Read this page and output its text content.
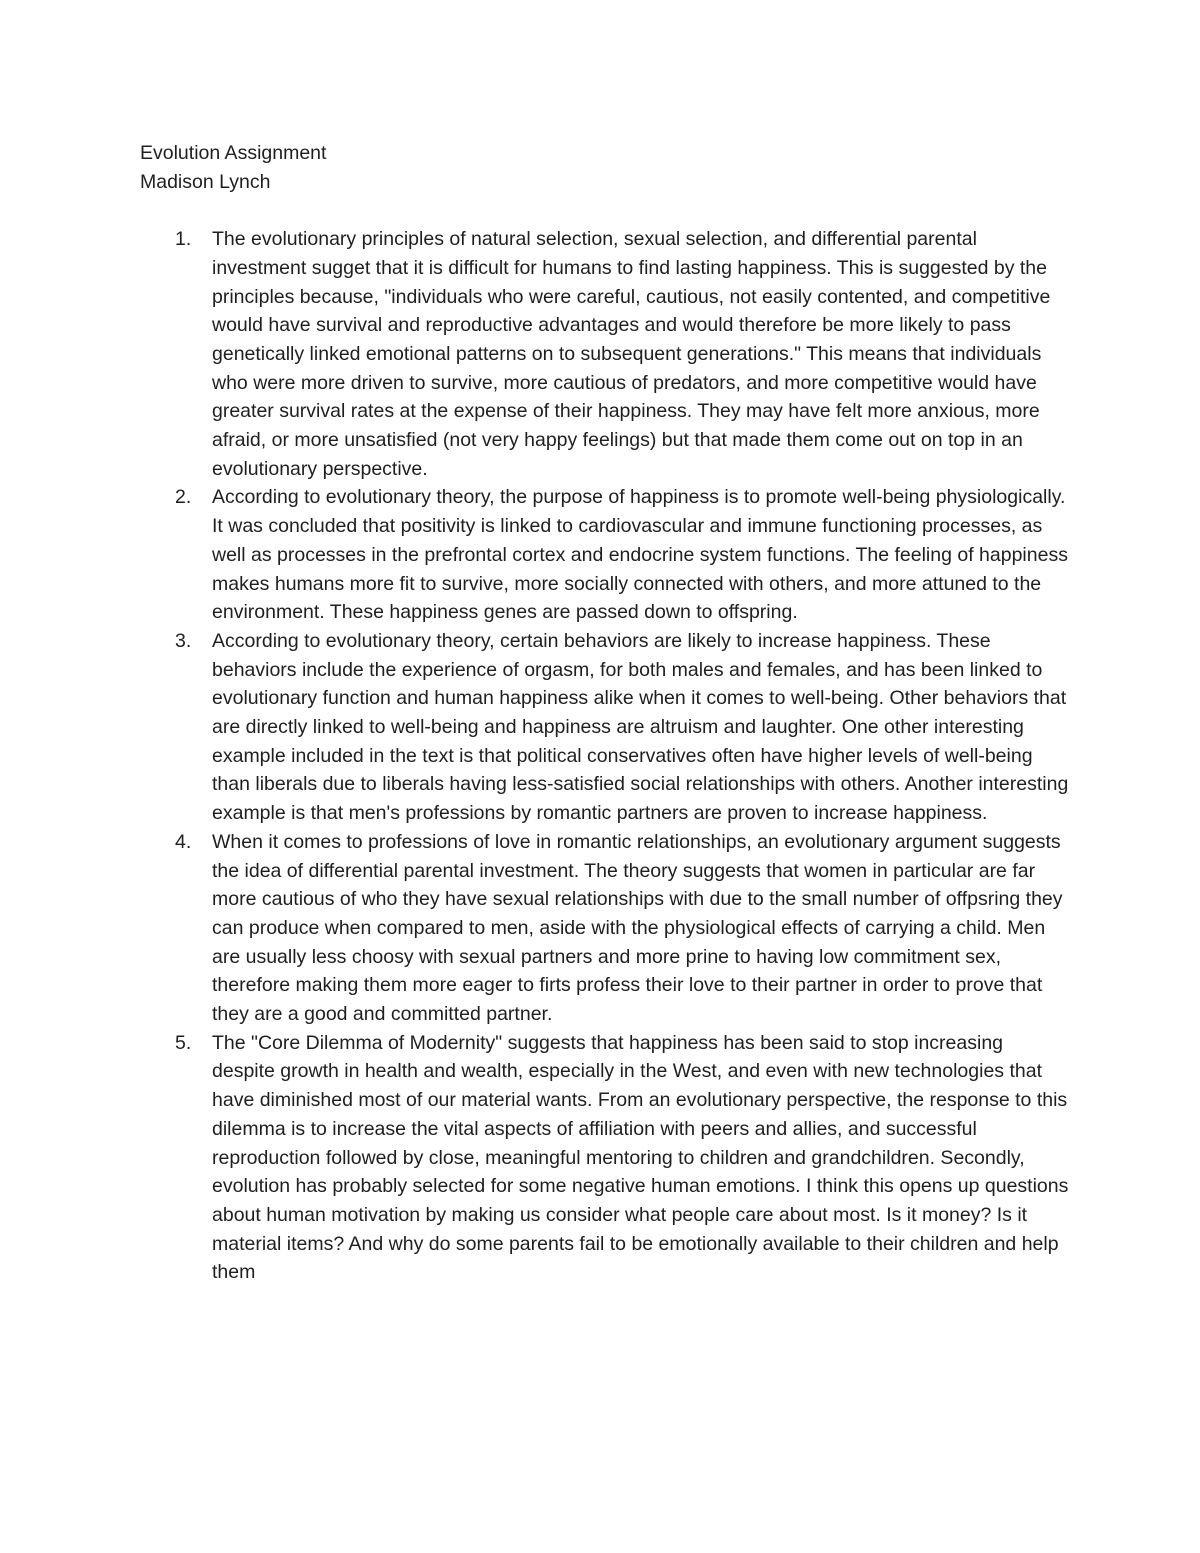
Evolution Assignment

Madison Lynch

1. The evolutionary principles of natural selection, sexual selection, and differential parental investment sugget that it is difficult for humans to find lasting happiness. This is suggested by the principles because, "individuals who were careful, cautious, not easily contented, and competitive would have survival and reproductive advantages and would therefore be more likely to pass genetically linked emotional patterns on to subsequent generations." This means that individuals who were more driven to survive, more cautious of predators, and more competitive would have greater survival rates at the expense of their happiness. They may have felt more anxious, more afraid, or more unsatisfied (not very happy feelings) but that made them come out on top in an evolutionary perspective.
2. According to evolutionary theory, the purpose of happiness is to promote well-being physiologically. It was concluded that positivity is linked to cardiovascular and immune functioning processes, as well as processes in the prefrontal cortex and endocrine system functions. The feeling of happiness makes humans more fit to survive, more socially connected with others, and more attuned to the environment. These happiness genes are passed down to offspring.
3. According to evolutionary theory, certain behaviors are likely to increase happiness. These behaviors include the experience of orgasm, for both males and females, and has been linked to evolutionary function and human happiness alike when it comes to well-being. Other behaviors that are directly linked to well-being and happiness are altruism and laughter. One other interesting example included in the text is that political conservatives often have higher levels of well-being than liberals due to liberals having less-satisfied social relationships with others. Another interesting example is that men's professions by romantic partners are proven to increase happiness.
4. When it comes to professions of love in romantic relationships, an evolutionary argument suggests the idea of differential parental investment. The theory suggests that women in particular are far more cautious of who they have sexual relationships with due to the small number of offpsring they can produce when compared to men, aside with the physiological effects of carrying a child. Men are usually less choosy with sexual partners and more prine to having low commitment sex, therefore making them more eager to firts profess their love to their partner in order to prove that they are a good and committed partner.
5. The "Core Dilemma of Modernity" suggests that happiness has been said to stop increasing despite growth in health and wealth, especially in the West, and even with new technologies that have diminished most of our material wants. From an evolutionary perspective, the response to this dilemma is to increase the vital aspects of affiliation with peers and allies, and successful reproduction followed by close, meaningful mentoring to children and grandchildren. Secondly, evolution has probably selected for some negative human emotions. I think this opens up questions about human motivation by making us consider what people care about most. Is it money? Is it material items? And why do some parents fail to be emotionally available to their children and help them
